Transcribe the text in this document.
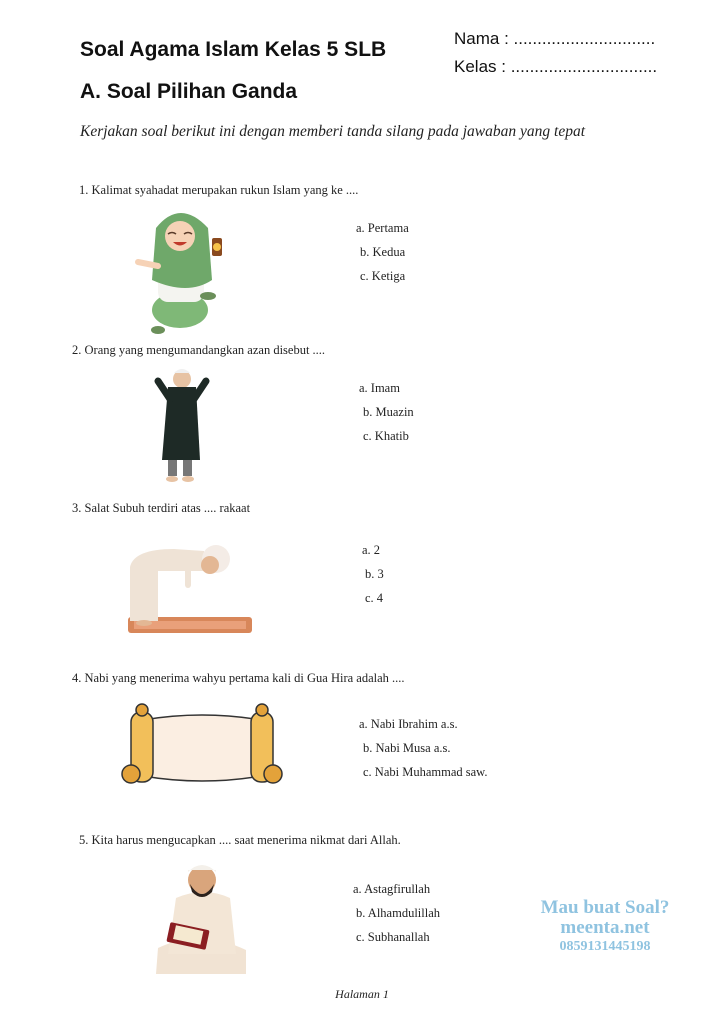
Soal Agama Islam Kelas 5 SLB
A. Soal Pilihan Ganda
Nama : ..............................
Kelas : ...............................
Kerjakan soal berikut ini dengan memberi tanda silang pada jawaban yang tepat
1. Kalimat syahadat merupakan rukun Islam yang ke ....
a. Pertama
b. Kedua
c. Ketiga
2. Orang yang mengumandangkan azan disebut ....
a. Imam
b. Muazin
c. Khatib
3. Salat Subuh terdiri atas .... rakaat
a. 2
b. 3
c. 4
4. Nabi yang menerima wahyu pertama kali di Gua Hira adalah ....
a. Nabi Ibrahim a.s.
b. Nabi Musa a.s.
c. Nabi Muhammad saw.
5. Kita harus mengucapkan .... saat menerima nikmat dari Allah.
a. Astagfirullah
b. Alhamdulillah
c. Subhanallah
Mau buat Soal?
meenta.net
0859131445198
Halaman 1
